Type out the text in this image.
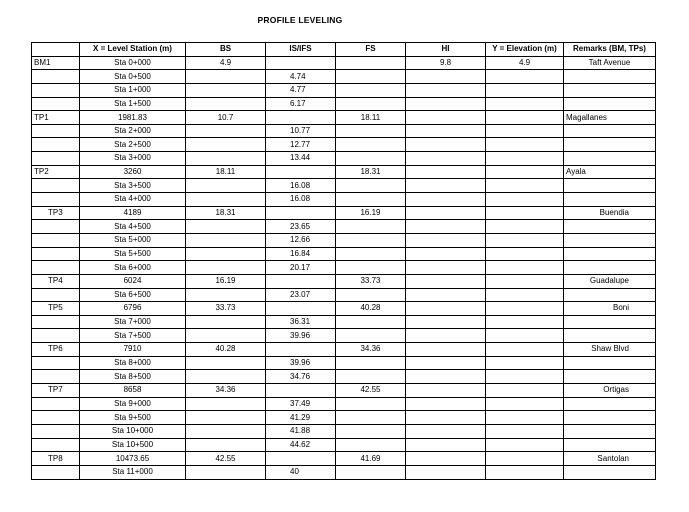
PROFILE LEVELING
	X = Level Station (m)	BS	IS/IFS	FS	HI	Y = Elevation (m)	Remarks (BM, TPs)
BM1	Sta 0+000	4.9			9.8	4.9	Taft Avenue
	Sta 0+500		4.74				
	Sta 1+000		4.77				
	Sta 1+500		6.17				
TP1	1981.83	10.7		18.11			Magallanes
	Sta 2+000		10.77				
	Sta 2+500		12.77				
	Sta 3+000		13.44				
TP2	3260	18.11		18.31			Ayala
	Sta 3+500		16.08				
	Sta 4+000		16.08				
TP3	4189	18.31		16.19			Buendia
	Sta 4+500		23.65				
	Sta 5+000		12.66				
	Sta 5+500		16.84				
	Sta 6+000		20.17				
TP4	6024	16.19		33.73			Guadalupe
	Sta 6+500		23.07				
TP5	6796	33.73		40.28			Boni
	Sta 7+000		36.31				
	Sta 7+500		39.96				
TP6	7910	40.28		34.36			Shaw Blvd
	Sta 8+000		39.96				
	Sta 8+500		34.76				
TP7	8658	34.36		42.55			Ortigas
	Sta 9+000		37.49				
	Sta 9+500		41.29				
	Sta 10+000		41.88				
	Sta 10+500		44.62				
TP8	10473.65	42.55		41.69			Santolan
	Sta 11+000		40				
